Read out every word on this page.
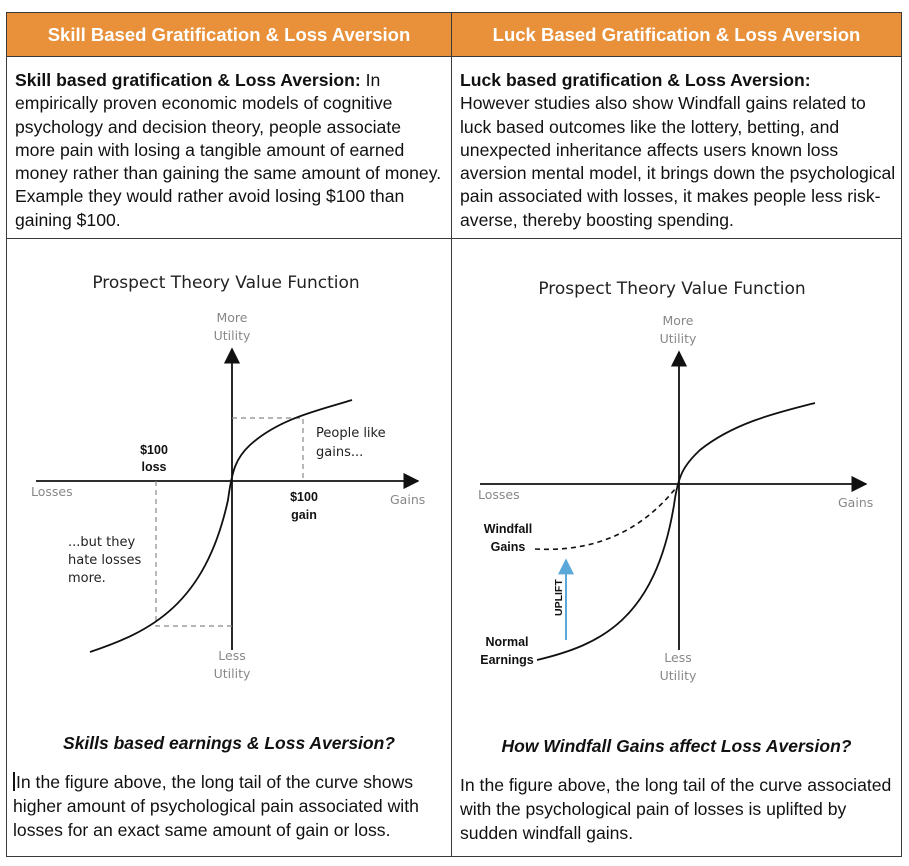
Skill Based Gratification & Loss Aversion	Luck Based Gratification & Loss Aversion

Skill based gratification & Loss Aversion: In empirically proven economic models of cognitive psychology and decision theory, people associate more pain with losing a tangible amount of earned money rather than gaining the same amount of money. Example they would rather avoid losing $100 than gaining $100.

Luck based gratification & Loss Aversion:
However studies also show Windfall gains related to luck based outcomes like the lottery, betting, and unexpected inheritance affects users known loss aversion mental model, it brings down the psychological pain associated with losses, it makes people less risk-averse, thereby boosting spending.

Prospect Theory Value Function
More
Utility
Less
Utility
Losses
Gains
$100
loss
$100
gain
People like
gains...
...but they
hate losses
more.
Prospect Theory Value Function
More
Utility
Less
Utility
Losses
Gains
UPLIFT
Windfall
Gains
Normal
Earnings
Skills based earnings & Loss Aversion?	How Windfall Gains affect Loss Aversion?
In the figure above, the long tail of the curve shows higher amount of psychological pain associated with losses for an exact same amount of gain or loss.
In the figure above, the long tail of the curve associated with the psychological pain of losses is uplifted by sudden windfall gains.
